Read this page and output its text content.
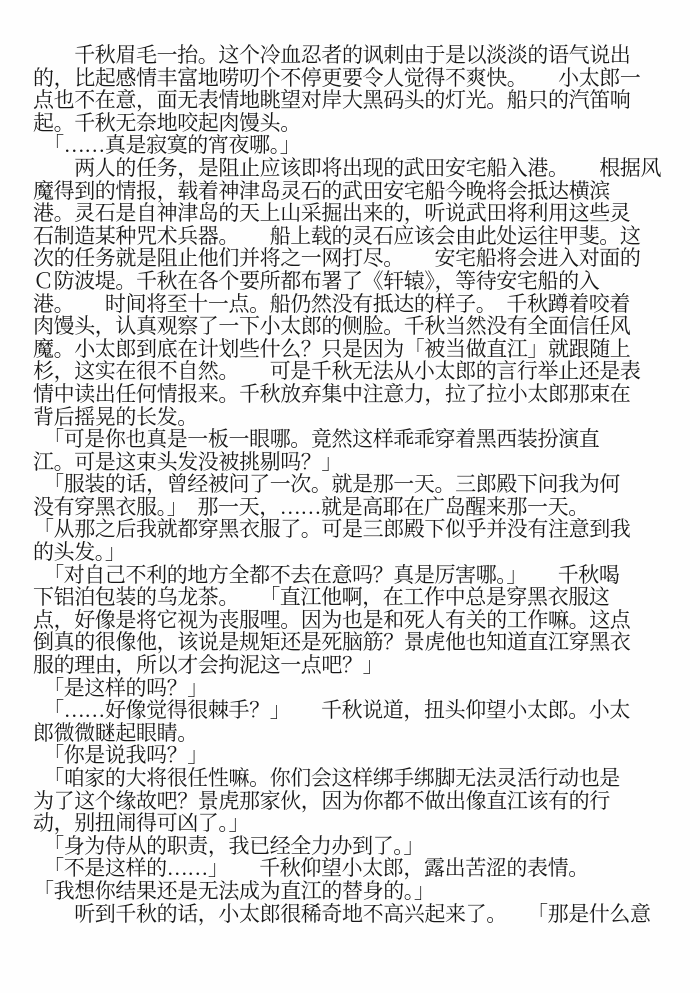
　　千秋眉毛一抬。这个冷血忍者的讽刺由于是以淡淡的语气说出
的，比起感情丰富地唠叨个不停更要令人觉得不爽快。　　小太郎一
点也不在意，面无表情地眺望对岸大黑码头的灯光。船只的汽笛响
起。千秋无奈地咬起肉馒头。
　「……真是寂寞的宵夜哪。」
　　两人的任务，是阻止应该即将出现的武田安宅船入港。　　根据风
魔得到的情报，载着神津岛灵石的武田安宅船今晚将会抵达横滨
港。灵石是自神津岛的天上山采掘出来的，听说武田将利用这些灵
石制造某种咒术兵器。　　船上载的灵石应该会由此处运往甲斐。这
次的任务就是阻止他们并将之一网打尽。　　安宅船将会进入对面的
Ｃ防波堤。千秋在各个要所都布署了《轩辕》，等待安宅船的入
港。　　时间将至十一点。船仍然没有抵达的样子。　千秋蹲着咬着
肉馒头，认真观察了一下小太郎的侧脸。千秋当然没有全面信任风
魔。小太郎到底在计划些什么？只是因为「被当做直江」就跟随上
杉，这实在很不自然。　　可是千秋无法从小太郎的言行举止还是表
情中读出任何情报来。千秋放弃集中注意力，拉了拉小太郎那束在
背后摇晃的长发。
　「可是你也真是一板一眼哪。竟然这样乖乖穿着黑西装扮演直
江。可是这束头发没被挑剔吗？」
　「服装的话，曾经被问了一次。就是那一天。三郎殿下问我为何
没有穿黑衣服。」　那一天，……就是高耶在广岛醒来那一天。
「从那之后我就都穿黑衣服了。可是三郎殿下似乎并没有注意到我
的头发。」
　「对自己不利的地方全都不去在意吗？真是厉害哪。」　　千秋喝
下铝泊包装的乌龙茶。　　「直江他啊，在工作中总是穿黑衣服这
点，好像是将它视为丧服哩。因为也是和死人有关的工作嘛。这点
倒真的很像他，该说是规矩还是死脑筋？景虎他也知道直江穿黑衣
服的理由，所以才会拘泥这一点吧？」
　「是这样的吗？」
　「……好像觉得很棘手？」　　千秋说道，扭头仰望小太郎。小太
郎微微瞇起眼睛。
　「你是说我吗？」
　「咱家的大将很任性嘛。你们会这样绑手绑脚无法灵活行动也是
为了这个缘故吧？景虎那家伙，因为你都不做出像直江该有的行
动，别扭闹得可凶了。」
　「身为侍从的职责，我已经全力办到了。」
　「不是这样的……」　　千秋仰望小太郎，露出苦涩的表情。
「我想你结果还是无法成为直江的替身的。」
　　听到千秋的话，小太郎很稀奇地不高兴起来了。　　「那是什么意
